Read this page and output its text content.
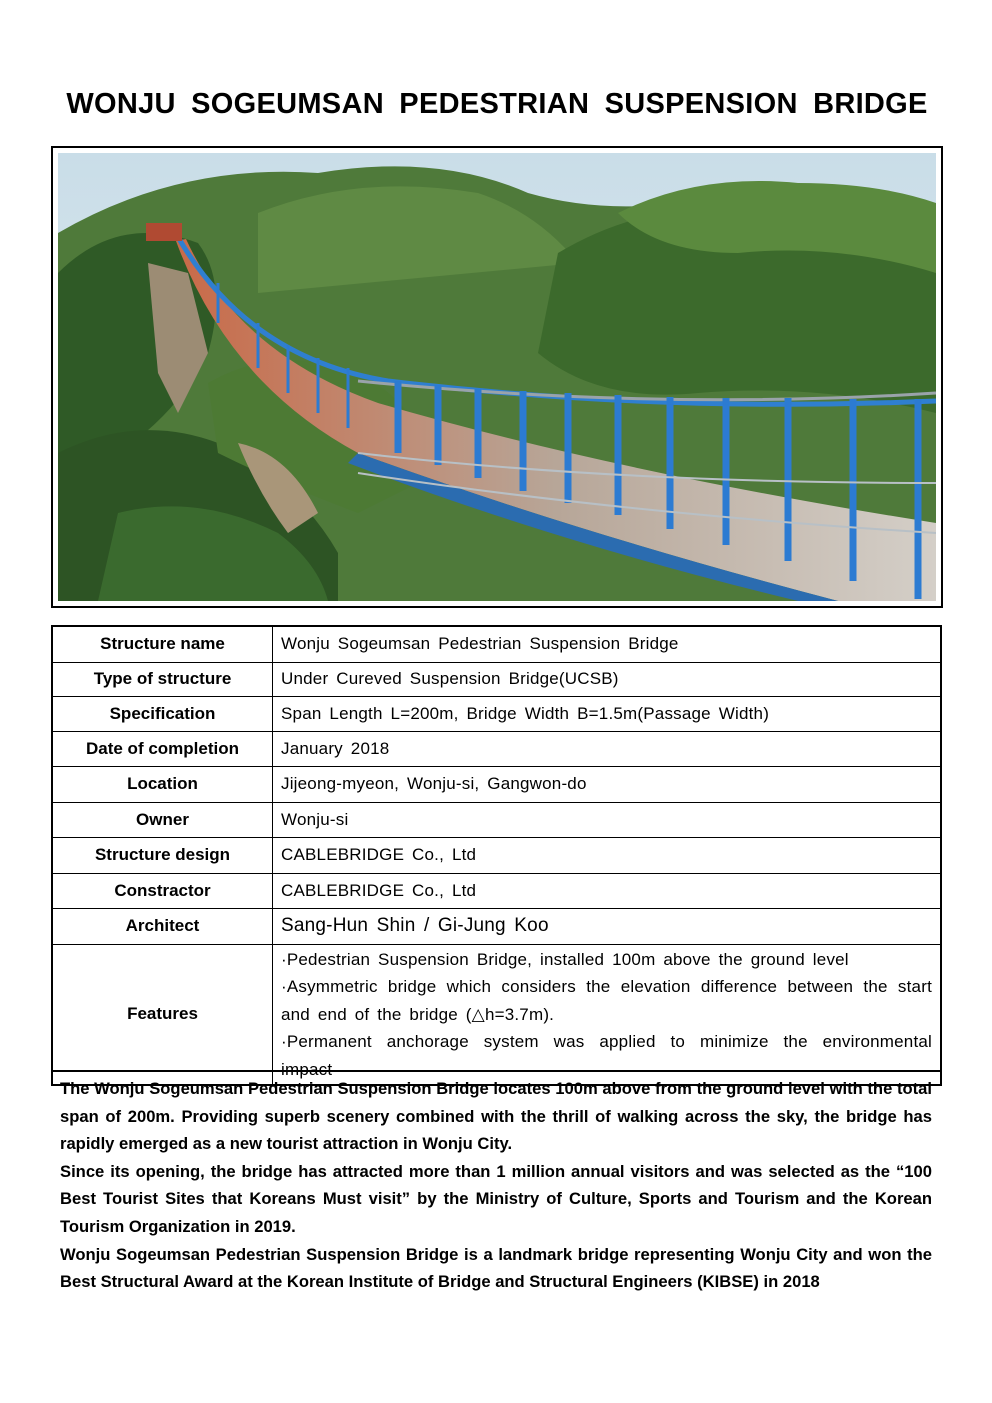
WONJU SOGEUMSAN PEDESTRIAN SUSPENSION BRIDGE
Structure name	Wonju Sogeumsan Pedestrian Suspension Bridge
Type of structure	Under Cureved Suspension Bridge(UCSB)
Specification	Span Length L=200m, Bridge Width B=1.5m(Passage Width)
Date of completion	January 2018
Location	Jijeong-myeon, Wonju-si, Gangwon-do
Owner	Wonju-si
Structure design	CABLEBRIDGE Co., Ltd
Constractor	CABLEBRIDGE Co., Ltd
Architect	Sang-Hun Shin / Gi-Jung Koo
Features	·Pedestrian Suspension Bridge, installed 100m above the ground level
·Asymmetric bridge which considers the elevation difference between the start and end of the bridge (△h=3.7m).
·Permanent anchorage system was applied to minimize the environmental impact

The Wonju Sogeumsan Pedestrian Suspension Bridge locates 100m above from the ground level with the total span of 200m. Providing superb scenery combined with the thrill of walking across the sky, the bridge has rapidly emerged as a new tourist attraction in Wonju City.

Since its opening, the bridge has attracted more than 1 million annual visitors and was selected as the “100 Best Tourist Sites that Koreans Must visit” by the Ministry of Culture, Sports and Tourism and the Korean Tourism Organization in 2019.

Wonju Sogeumsan Pedestrian Suspension Bridge is a landmark bridge representing Wonju City and won the Best Structural Award at the Korean Institute of Bridge and Structural Engineers (KIBSE) in 2018
